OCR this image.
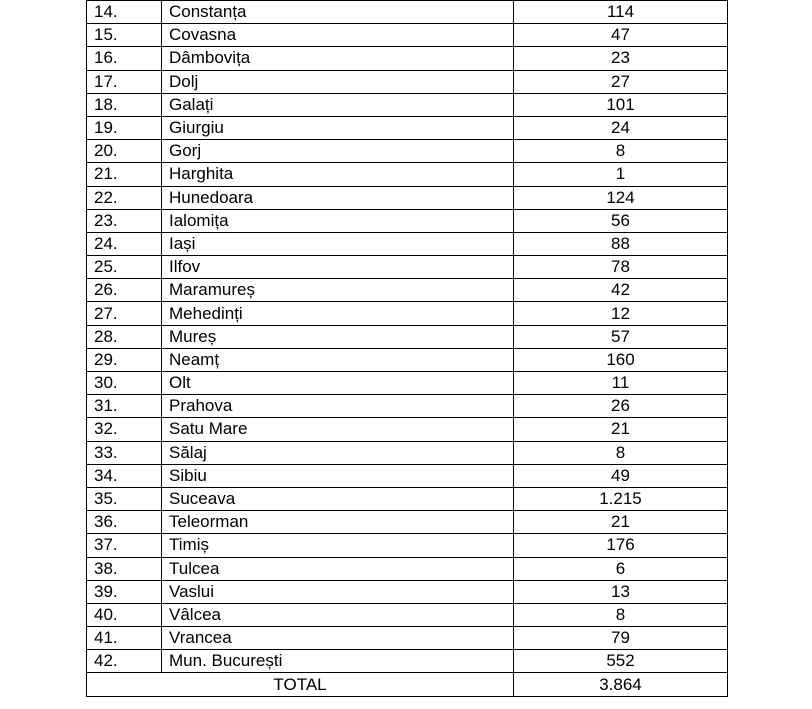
14.	Constanța	114
15.	Covasna	47
16.	Dâmbovița	23
17.	Dolj	27
18.	Galați	101
19.	Giurgiu	24
20.	Gorj	8
21.	Harghita	1
22.	Hunedoara	124
23.	Ialomița	56
24.	Iași	88
25.	Ilfov	78
26.	Maramureș	42
27.	Mehedinți	12
28.	Mureș	57
29.	Neamț	160
30.	Olt	11
31.	Prahova	26
32.	Satu Mare	21
33.	Sălaj	8
34.	Sibiu	49
35.	Suceava	1.215
36.	Teleorman	21
37.	Timiș	176
38.	Tulcea	6
39.	Vaslui	13
40.	Vâlcea	8
41.	Vrancea	79
42.	Mun. București	552
TOTAL		3.864
